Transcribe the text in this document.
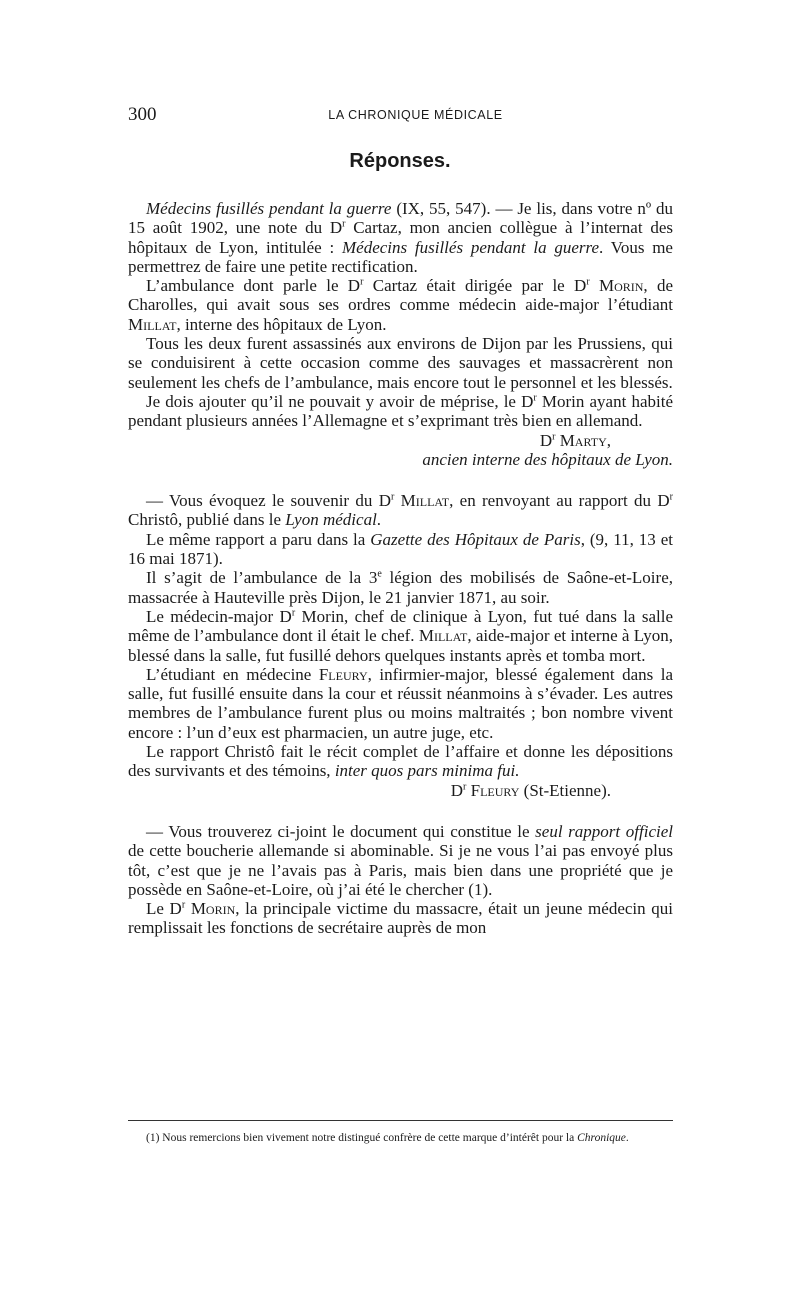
300	LA CHRONIQUE MÉDICALE
Réponses.

Médecins fusillés pendant la guerre (IX, 55, 547). — Je lis, dans votre nº du 15 août 1902, une note du $D^r$ Cartaz, mon ancien collègue à l’internat des hôpitaux de Lyon, intitulée : Médecins fusillés pendant la guerre. Vous me permettrez de faire une petite rectification.

L’ambulance dont parle le $D^r$ Cartaz était dirigée par le $D^r$ Morin, de Charolles, qui avait sous ses ordres comme médecin aide-major l’étudiant Millat, interne des hôpitaux de Lyon.

Tous les deux furent assassinés aux environs de Dijon par les Prussiens, qui se conduisirent à cette occasion comme des sauvages et massacrèrent non seulement les chefs de l’ambulance, mais encore tout le personnel et les blessés.

Je dois ajouter qu’il ne pouvait y avoir de méprise, le $D^r$ Morin ayant habité pendant plusieurs années l’Allemagne et s’exprimant très bien en allemand.

$D^r$ Marty,

ancien interne des hôpitaux de Lyon.

— Vous évoquez le souvenir du $D^r$ Millat, en renvoyant au rapport du $D^r$ Christô, publié dans le Lyon médical.

Le même rapport a paru dans la Gazette des Hôpitaux de Paris, (9, 11, 13 et 16 mai 1871).

Il s’agit de l’ambulance de la 3e légion des mobilisés de Saône-et-Loire, massacrée à Hauteville près Dijon, le 21 janvier 1871, au soir.

Le médecin-major $D^r$ Morin, chef de clinique à Lyon, fut tué dans la salle même de l’ambulance dont il était le chef. Millat, aide-major et interne à Lyon, blessé dans la salle, fut fusillé dehors quelques instants après et tomba mort.

L’étudiant en médecine Fleury, infirmier-major, blessé également dans la salle, fut fusillé ensuite dans la cour et réussit néanmoins à s’évader. Les autres membres de l’ambulance furent plus ou moins maltraités ; bon nombre vivent encore : l’un d’eux est pharmacien, un autre juge, etc.

Le rapport Christô fait le récit complet de l’affaire et donne les dépositions des survivants et des témoins, inter quos pars minima fui.

$D^r$ Fleury (St-Etienne).

— Vous trouverez ci-joint le document qui constitue le seul rapport officiel de cette boucherie allemande si abominable. Si je ne vous l’ai pas envoyé plus tôt, c’est que je ne l’avais pas à Paris, mais bien dans une propriété que je possède en Saône-et-Loire, où j’ai été le chercher (1).

Le $D^r$ Morin, la principale victime du massacre, était un jeune médecin qui remplissait les fonctions de secrétaire auprès de mon

(1) Nous remercions bien vivement notre distingué confrère de cette marque d’intérêt pour la Chronique.
